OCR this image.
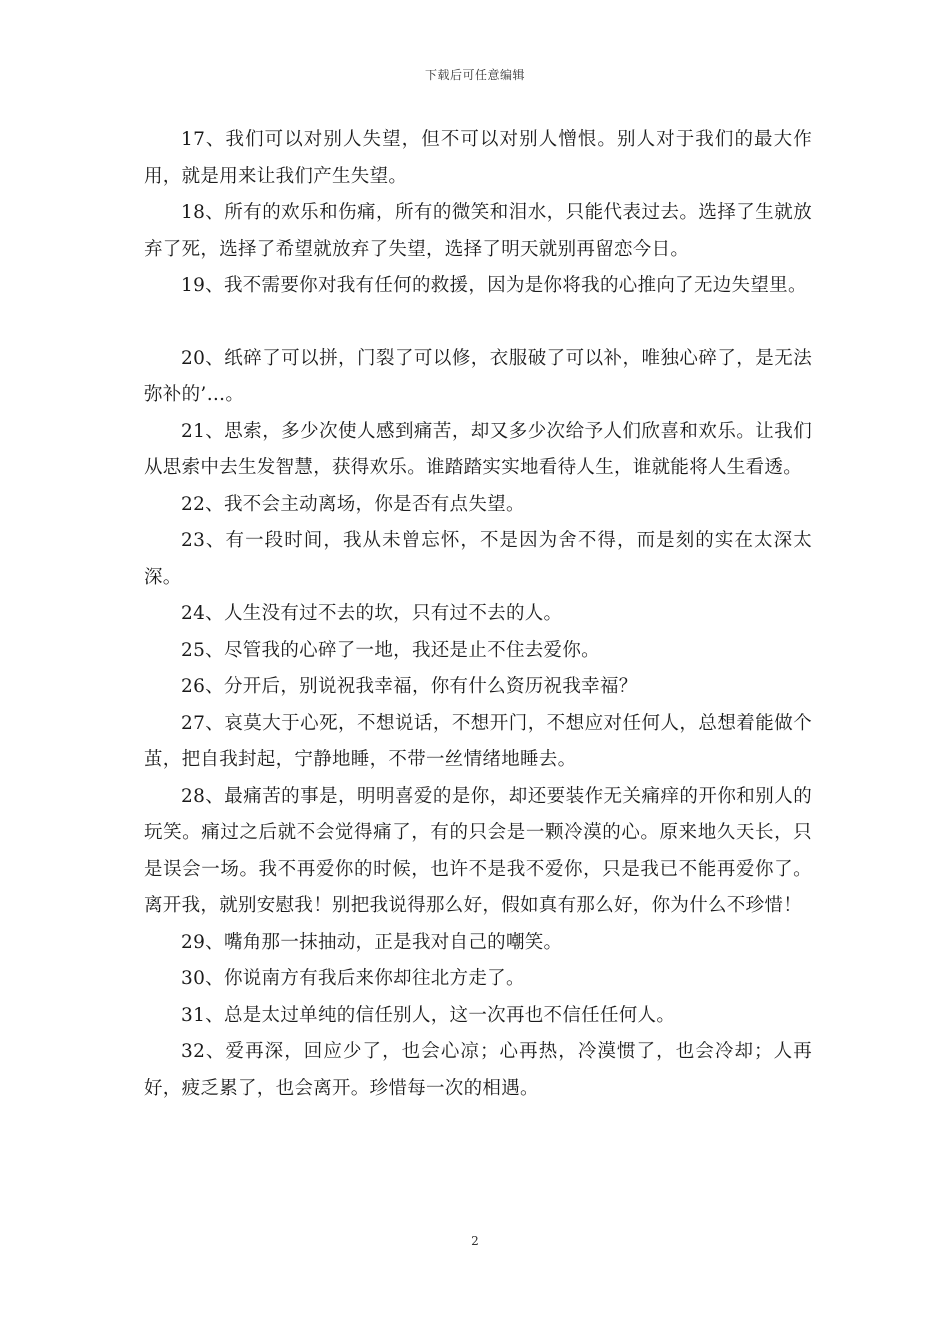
下载后可任意编辑

17、我们可以对别人失望，但不可以对别人憎恨。别人对于我们的最大作用，就是用来让我们产生失望。

18、所有的欢乐和伤痛，所有的微笑和泪水，只能代表过去。选择了生就放弃了死，选择了希望就放弃了失望，选择了明天就别再留恋今日。

19、我不需要你对我有任何的救援，因为是你将我的心推向了无边失望里。

20、纸碎了可以拼，门裂了可以修，衣服破了可以补，唯独心碎了，是无法弥补的’…。

21、思索，多少次使人感到痛苦，却又多少次给予人们欣喜和欢乐。让我们从思索中去生发智慧，获得欢乐。谁踏踏实实地看待人生，谁就能将人生看透。

22、我不会主动离场，你是否有点失望。

23、有一段时间，我从未曾忘怀，不是因为舍不得，而是刻的实在太深太深。

24、人生没有过不去的坎，只有过不去的人。

25、尽管我的心碎了一地，我还是止不住去爱你。

26、分开后，别说祝我幸福，你有什么资历祝我幸福？

27、哀莫大于心死，不想说话，不想开门，不想应对任何人，总想着能做个茧，把自我封起，宁静地睡，不带一丝情绪地睡去。

28、最痛苦的事是，明明喜爱的是你，却还要装作无关痛痒的开你和别人的玩笑。痛过之后就不会觉得痛了，有的只会是一颗冷漠的心。原来地久天长，只是误会一场。我不再爱你的时候，也许不是我不爱你，只是我已不能再爱你了。离开我，就别安慰我！别把我说得那么好，假如真有那么好，你为什么不珍惜！

29、嘴角那一抹抽动，正是我对自己的嘲笑。

30、你说南方有我后来你却往北方走了。

31、总是太过单纯的信任别人，这一次再也不信任任何人。

32、爱再深，回应少了，也会心凉；心再热，冷漠惯了，也会冷却；人再好，疲乏累了，也会离开。珍惜每一次的相遇。

2
